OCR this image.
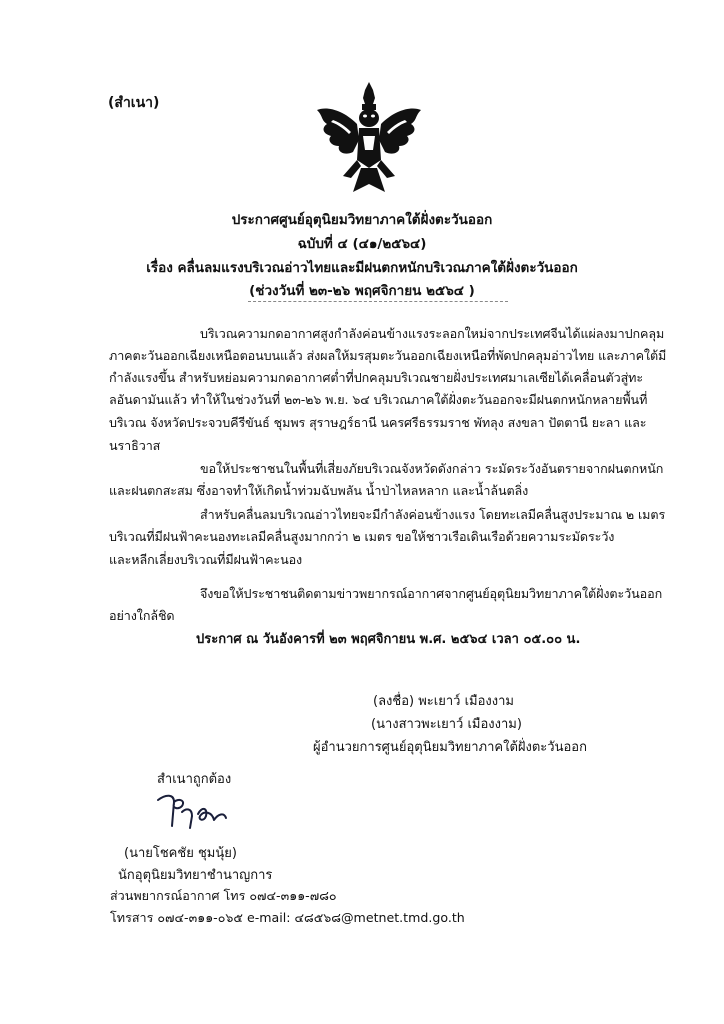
(สำเนา)
ประกาศศูนย์อุตุนิยมวิทยาภาคใต้ฝั่งตะวันออก
ฉบับที่ ๔ (๔๑/๒๕๖๔)
เรื่อง คลื่นลมแรงบริเวณอ่าวไทยและมีฝนตกหนักบริเวณภาคใต้ฝั่งตะวันออก
(ช่วงวันที่ ๒๓-๒๖ พฤศจิกายน ๒๕๖๔ )
บริเวณความกดอากาศสูงกำลังค่อนข้างแรงระลอกใหม่จากประเทศจีนได้แผ่ลงมาปกคลุม
ภาคตะวันออกเฉียงเหนือตอนบนแล้ว ส่งผลให้มรสุมตะวันออกเฉียงเหนือที่พัดปกคลุมอ่าวไทย และภาคใต้มี
กำลังแรงขึ้น สำหรับหย่อมความกดอากาศต่ำที่ปกคลุมบริเวณชายฝั่งประเทศมาเลเซียได้เคลื่อนตัวสู่ทะ
ลอันดามันแล้ว ทำให้ในช่วงวันที่ ๒๓-๒๖ พ.ย. ๖๔ บริเวณภาคใต้ฝั่งตะวันออกจะมีฝนตกหนักหลายพื้นที่
บริเวณ จังหวัดประจวบคีรีขันธ์ ชุมพร สุราษฎร์ธานี นครศรีธรรมราช พัทลุง สงขลา ปัตตานี ยะลา และ
นราธิวาส
ขอให้ประชาชนในพื้นที่เสี่ยงภัยบริเวณจังหวัดดังกล่าว ระมัดระวังอันตรายจากฝนตกหนัก
และฝนตกสะสม ซึ่งอาจทำให้เกิดน้ำท่วมฉับพลัน น้ำป่าไหลหลาก และน้ำล้นตลิ่ง
สำหรับคลื่นลมบริเวณอ่าวไทยจะมีกำลังค่อนข้างแรง โดยทะเลมีคลื่นสูงประมาณ ๒ เมตร
บริเวณที่มีฝนฟ้าคะนองทะเลมีคลื่นสูงมากกว่า ๒ เมตร ขอให้ชาวเรือเดินเรือด้วยความระมัดระวัง
และหลีกเลี่ยงบริเวณที่มีฝนฟ้าคะนอง
จึงขอให้ประชาชนติดตามข่าวพยากรณ์อากาศจากศูนย์อุตุนิยมวิทยาภาคใต้ฝั่งตะวันออก
อย่างใกล้ชิด
ประกาศ ณ วันอังคารที่ ๒๓ พฤศจิกายน พ.ศ. ๒๕๖๔ เวลา ๐๕.๐๐ น.
(ลงชื่อ) พะเยาว์ เมืองงาม
(นางสาวพะเยาว์ เมืองงาม)
ผู้อำนวยการศูนย์อุตุนิยมวิทยาภาคใต้ฝั่งตะวันออก
สำเนาถูกต้อง
(นายโชคชัย ชุมนุ้ย)
นักอุตุนิยมวิทยาชำนาญการ
ส่วนพยากรณ์อากาศ โทร ๐๗๔-๓๑๑-๗๘๐
โทรสาร ๐๗๔-๓๑๑-๐๖๕ e-mail: ๔๘๕๖๘@metnet.tmd.go.th
